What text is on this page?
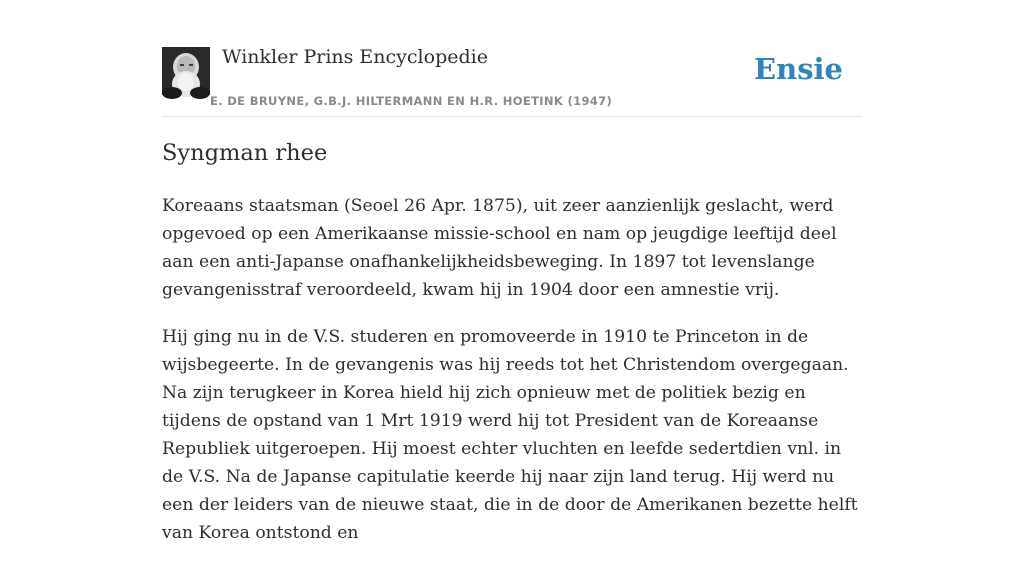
Winkler Prins Encyclopedie
E. DE BRUYNE, G.B.J. HILTERMANN EN H.R. HOETINK (1947)
Ensie
Syngman rhee

Koreaans staatsman (Seoel 26 Apr. 1875), uit zeer aanzienlijk geslacht, werd opgevoed op een Amerikaanse missie-school en nam op jeugdige leeftijd deel aan een anti-Japanse onafhankelijkheidsbeweging. In 1897 tot levenslange gevangenisstraf veroordeeld, kwam hij in 1904 door een amnestie vrij.

Hij ging nu in de V.S. studeren en promoveerde in 1910 te Princeton in de wijsbegeerte. In de gevangenis was hij reeds tot het Christendom overgegaan. Na zijn terugkeer in Korea hield hij zich opnieuw met de politiek bezig en tijdens de opstand van 1 Mrt 1919 werd hij tot President van de Koreaanse Republiek uitgeroepen. Hij moest echter vluchten en leefde sedertdien vnl. in de V.S. Na de Japanse capitulatie keerde hij naar zijn land terug. Hij werd nu een der leiders van de nieuwe staat, die in de door de Amerikanen bezette helft van Korea ontstond en
